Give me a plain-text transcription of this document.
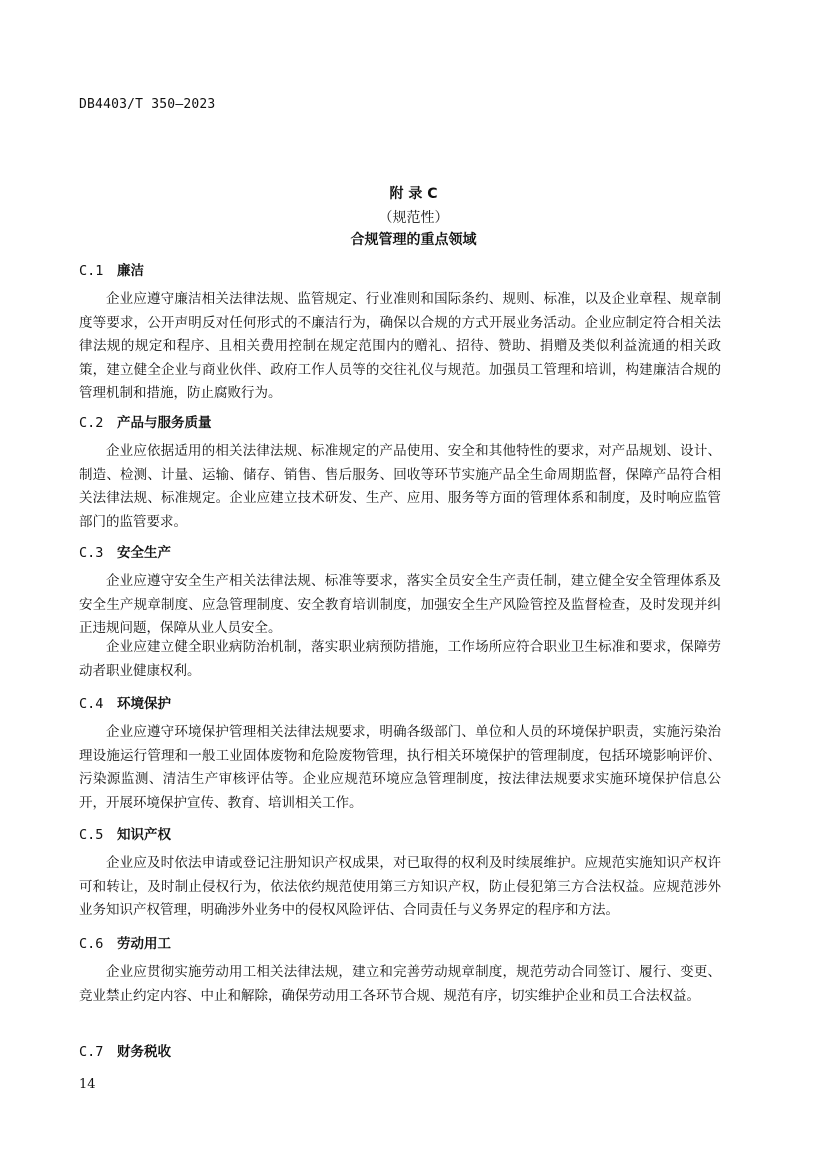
DB4403/T 350—2023
附 录 C
（规范性）
合规管理的重点领域
C.1 廉洁

企业应遵守廉洁相关法律法规、监管规定、行业准则和国际条约、规则、标准，以及企业章程、规章制度等要求，公开声明反对任何形式的不廉洁行为，确保以合规的方式开展业务活动。企业应制定符合相关法律法规的规定和程序、且相关费用控制在规定范围内的赠礼、招待、赞助、捐赠及类似利益流通的相关政策，建立健全企业与商业伙伴、政府工作人员等的交往礼仪与规范。加强员工管理和培训，构建廉洁合规的管理机制和措施，防止腐败行为。

C.2 产品与服务质量

企业应依据适用的相关法律法规、标准规定的产品使用、安全和其他特性的要求，对产品规划、设计、制造、检测、计量、运输、储存、销售、售后服务、回收等环节实施产品全生命周期监督，保障产品符合相关法律法规、标准规定。企业应建立技术研发、生产、应用、服务等方面的管理体系和制度，及时响应监管部门的监管要求。

C.3 安全生产

企业应遵守安全生产相关法律法规、标准等要求，落实全员安全生产责任制，建立健全安全管理体系及安全生产规章制度、应急管理制度、安全教育培训制度，加强安全生产风险管控及监督检查，及时发现并纠正违规问题，保障从业人员安全。

企业应建立健全职业病防治机制，落实职业病预防措施，工作场所应符合职业卫生标准和要求，保障劳动者职业健康权利。

C.4 环境保护

企业应遵守环境保护管理相关法律法规要求，明确各级部门、单位和人员的环境保护职责，实施污染治理设施运行管理和一般工业固体废物和危险废物管理，执行相关环境保护的管理制度，包括环境影响评价、污染源监测、清洁生产审核评估等。企业应规范环境应急管理制度，按法律法规要求实施环境保护信息公开，开展环境保护宣传、教育、培训相关工作。

C.5 知识产权

企业应及时依法申请或登记注册知识产权成果，对已取得的权利及时续展维护。应规范实施知识产权许可和转让，及时制止侵权行为，依法依约规范使用第三方知识产权，防止侵犯第三方合法权益。应规范涉外业务知识产权管理，明确涉外业务中的侵权风险评估、合同责任与义务界定的程序和方法。

C.6 劳动用工

企业应贯彻实施劳动用工相关法律法规，建立和完善劳动规章制度，规范劳动合同签订、履行、变更、竞业禁止约定内容、中止和解除，确保劳动用工各环节合规、规范有序，切实维护企业和员工合法权益。

C.7 财务税收
14
